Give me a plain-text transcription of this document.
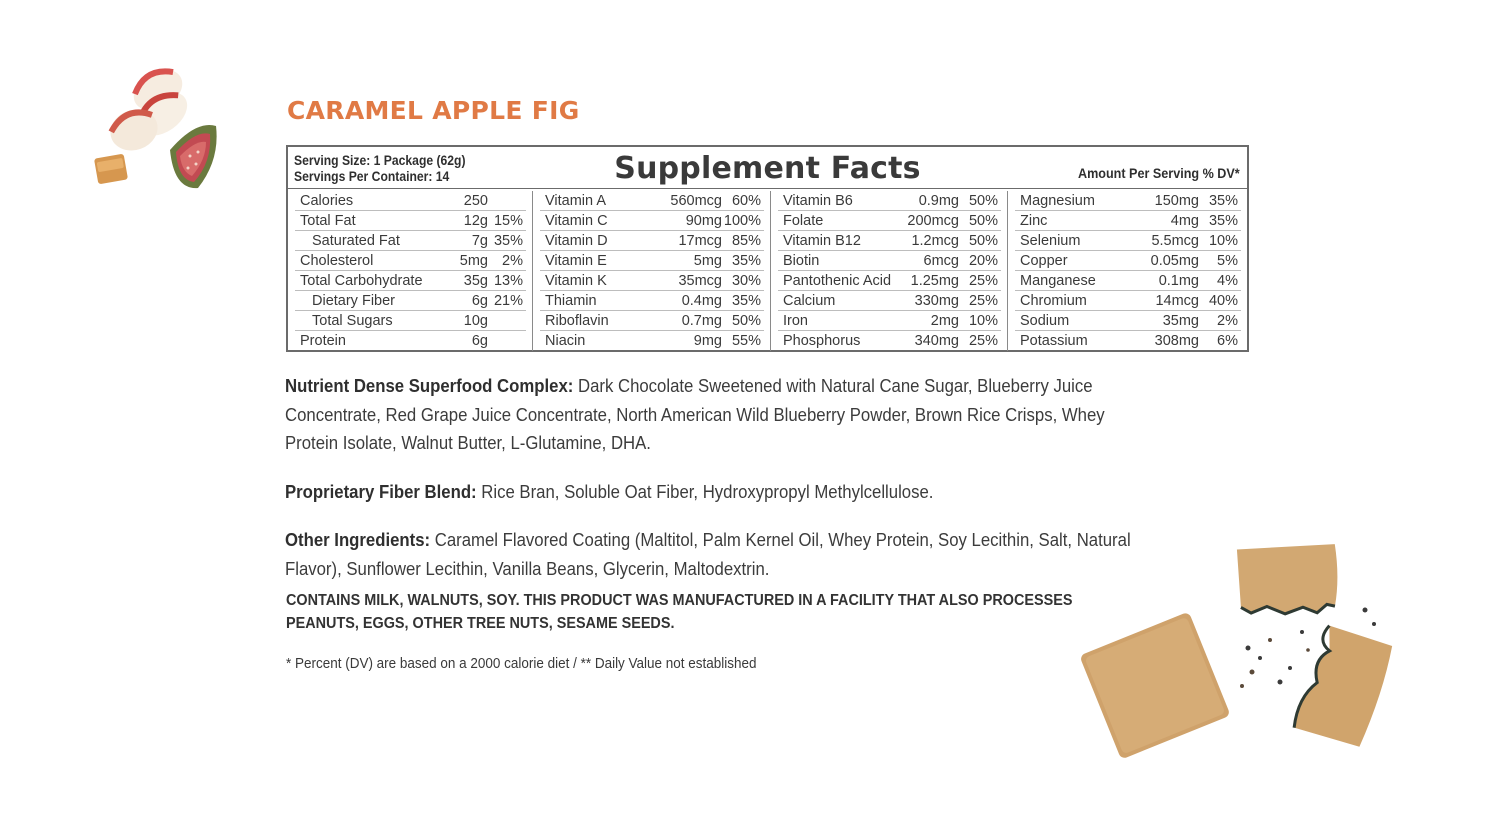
CARAMEL APPLE FIG
Serving Size: 1 Package (62g)
Servings Per Container: 14	Supplement Facts	Amount Per Serving % DV*
Calories	250
Total Fat	12g 15%
Saturated Fat	7g 35%
Cholesterol	5mg 2%
Total Carbohydrate	35g 13%
Dietary Fiber	6g 21%
Total Sugars	10g
Protein	6g
Vitamin A	560mcg 60%
Vitamin C	90mg 100%
Vitamin D	17mcg 85%
Vitamin E	5mg 35%
Vitamin K	35mcg 30%
Thiamin	0.4mg 35%
Riboflavin	0.7mg 50%
Niacin	9mg 55%
Vitamin B6	0.9mg 50%
Folate	200mcg 50%
Vitamin B12	1.2mcg 50%
Biotin	6mcg 20%
Pantothenic Acid 1.25mg 25%
Calcium	330mg 25%
Iron	2mg 10%
Phosphorus	340mg 25%
Magnesium	150mg 35%
Zinc	4mg 35%
Selenium	5.5mcg 10%
Copper	0.05mg 5%
Manganese	0.1mg 4%
Chromium	14mcg 40%
Sodium	35mg 2%
Potassium	308mg 6%

Nutrient Dense Superfood Complex: Dark Chocolate Sweetened with Natural Cane Sugar, Blueberry Juice Concentrate, Red Grape Juice Concentrate, North American Wild Blueberry Powder, Brown Rice Crisps, Whey Protein Isolate, Walnut Butter, L-Glutamine, DHA.

Proprietary Fiber Blend: Rice Bran, Soluble Oat Fiber, Hydroxypropyl Methylcellulose.

Other Ingredients: Caramel Flavored Coating (Maltitol, Palm Kernel Oil, Whey Protein, Soy Lecithin, Salt, Natural Flavor), Sunflower Lecithin, Vanilla Beans, Glycerin, Maltodextrin.

CONTAINS MILK, WALNUTS, SOY. THIS PRODUCT WAS MANUFACTURED IN A FACILITY THAT ALSO PROCESSES PEANUTS, EGGS, OTHER TREE NUTS, SESAME SEEDS.
* Percent (DV) are based on a 2000 calorie diet / ** Daily Value not established
